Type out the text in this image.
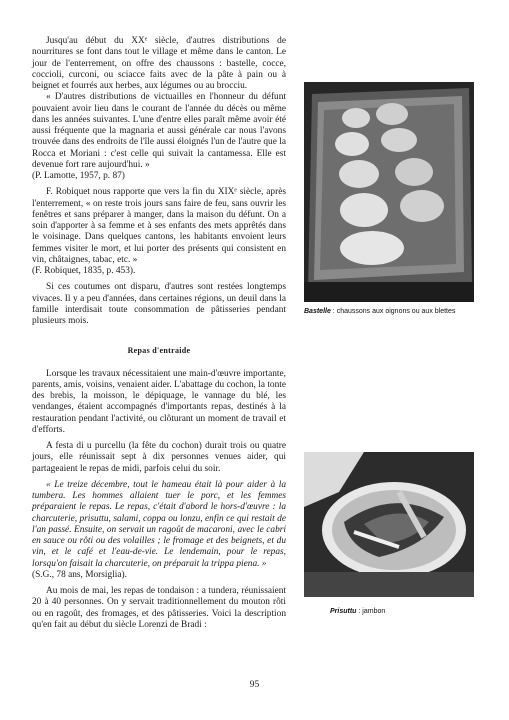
Jusqu'au début du XXᵉ siècle, d'autres distributions de nourritures se font dans tout le village et même dans le canton. Le jour de l'enterrement, on offre des chaussons : bastelle, cocce, coccioli, curconi, ou sciacce faits avec de la pâte à pain ou à beignet et fourrés aux herbes, aux légumes ou au brocciu.

« D'autres distributions de victuailles en l'honneur du défunt pouvaient avoir lieu dans le courant de l'année du décès ou même dans les années suivantes. L'une d'entre elles paraît même avoir été aussi fréquente que la magnaria et aussi générale car nous l'avons trouvée dans des endroits de l'île aussi éloignés l'un de l'autre que la Rocca et Moriani : c'est celle qui suivait la cantamessa. Elle est devenue fort rare aujourd'hui. »

(P. Lamotte, 1957, p. 87)

F. Robiquet nous rapporte que vers la fin du XIXᵉ siècle, après l'enterrement, « on reste trois jours sans faire de feu, sans ouvrir les fenêtres et sans préparer à manger, dans la maison du défunt. On a soin d'apporter à sa femme et à ses enfants des mets apprêtés dans le voisinage. Dans quelques cantons, les habitants envoient leurs femmes visiter le mort, et lui porter des présents qui consistent en vin, châtaignes, tabac, etc. »

(F. Robiquet, 1835, p. 453).

Si ces coutumes ont disparu, d'autres sont restées longtemps vivaces. Il y a peu d'années, dans certaines régions, un deuil dans la famille interdisait toute consommation de pâtisseries pendant plusieurs mois.

Repas d'entraide

Lorsque les travaux nécessitaient une main-d'œuvre importante, parents, amis, voisins, venaient aider. L'abattage du cochon, la tonte des brebis, la moisson, le dépiquage, le vannage du blé, les vendanges, étaient accompagnés d'importants repas, destinés à la restauration pendant l'activité, ou clôturant un moment de travail et d'efforts.

A festa di u purcellu (la fête du cochon) durait trois ou quatre jours, elle réunissait sept à dix personnes venues aider, qui partageaient le repas de midi, parfois celui du soir.

« Le treize décembre, tout le hameau était là pour aider à la tumbera. Les hommes allaient tuer le porc, et les femmes préparaient le repas. Le repas, c'était d'abord le hors-d'œuvre : la charcuterie, prisuttu, salami, coppa ou lonzu, enfin ce qui restait de l'an passé. Ensuite, on servait un ragoût de macaroni, avec le cabri en sauce ou rôti ou des volailles ; le fromage et des beignets, et du vin, et le café et l'eau-de-vie. Le lendemain, pour le repas, lorsqu'on faisait la charcuterie, on préparait la trippa piena. »

(S.G., 78 ans, Morsiglia).

Au mois de mai, les repas de tondaison : a tundera, réunissaient 20 à 40 personnes. On y servait traditionnellement du mouton rôti ou en ragoût, des fromages, et des pâtisseries. Voici la description qu'en fait au début du siècle Lorenzi de Bradi :

Bastelle : chaussons aux oignons ou aux blettes
Prisuttu : jambon
95
